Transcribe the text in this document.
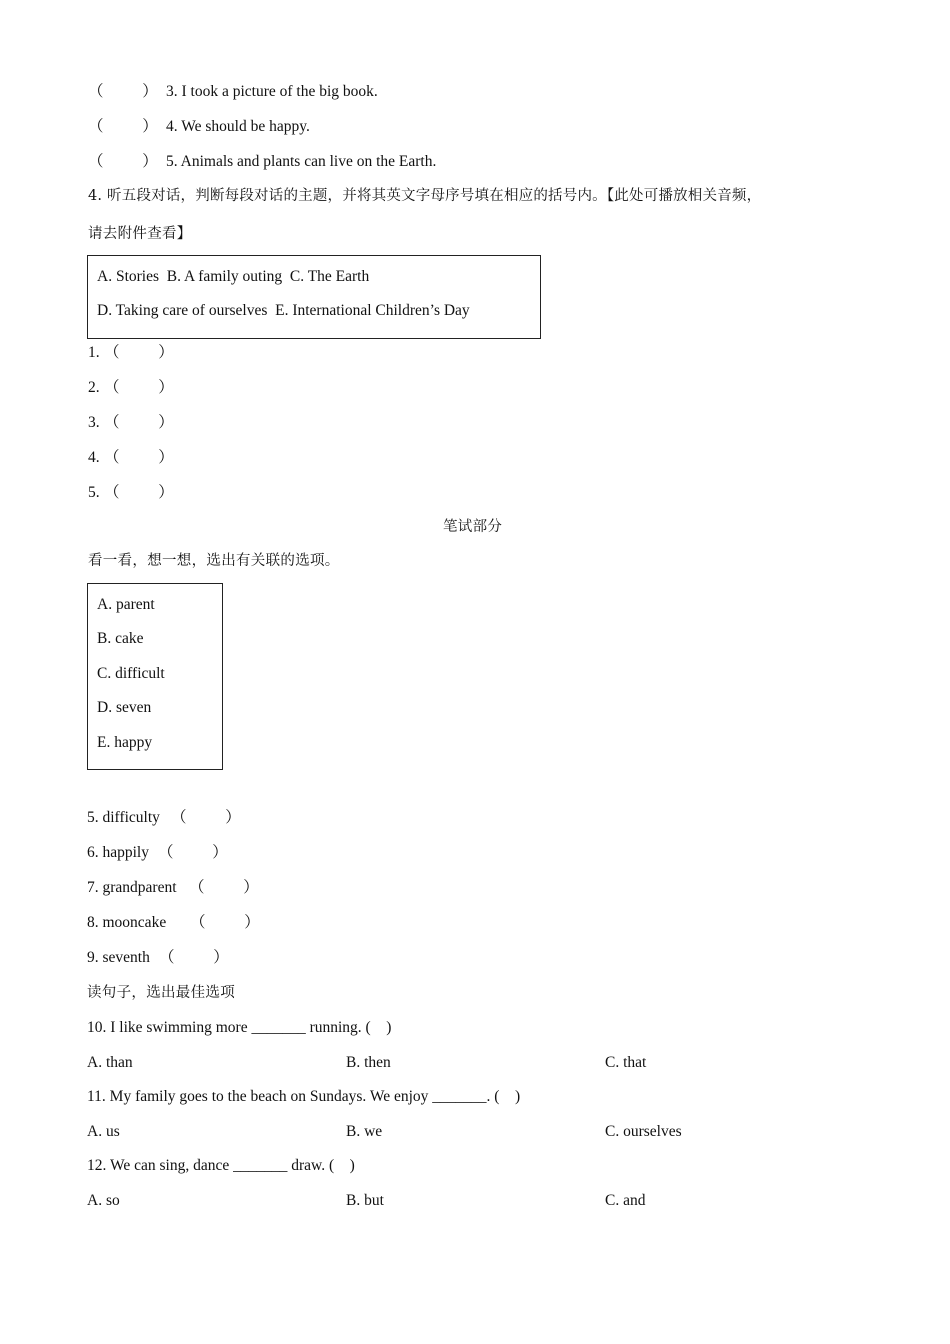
（          ） 3. I took a picture of the big book.
（          ） 4. We should be happy.
（          ） 5. Animals and plants can live on the Earth.
4. 听五段对话，判断每段对话的主题，并将其英文字母序号填在相应的括号内。【此处可播放相关音频，
请去附件查看】
A. Stories  B. A family outing  C. The Earth
D. Taking care of ourselves  E. International Children’s Day
1. （          ）
2. （          ）
3. （          ）
4. （          ）
5. （          ）
笔试部分
看一看，想一想，选出有关联的选项。
A. parent
B. cake
C. difficult
D. seven
E. happy
5. difficulty （          ）
6. happily （          ）
7. grandparent （          ）
8. mooncake （          ）
9. seventh （          ）
读句子，选出最佳选项
10. I like swimming more _______ running. (    )
A. than	B. then	C. that
11. My family goes to the beach on Sundays. We enjoy _______. (    )
A. us	B. we	C. ourselves
12. We can sing, dance _______ draw. (    )
A. so	B. but	C. and
